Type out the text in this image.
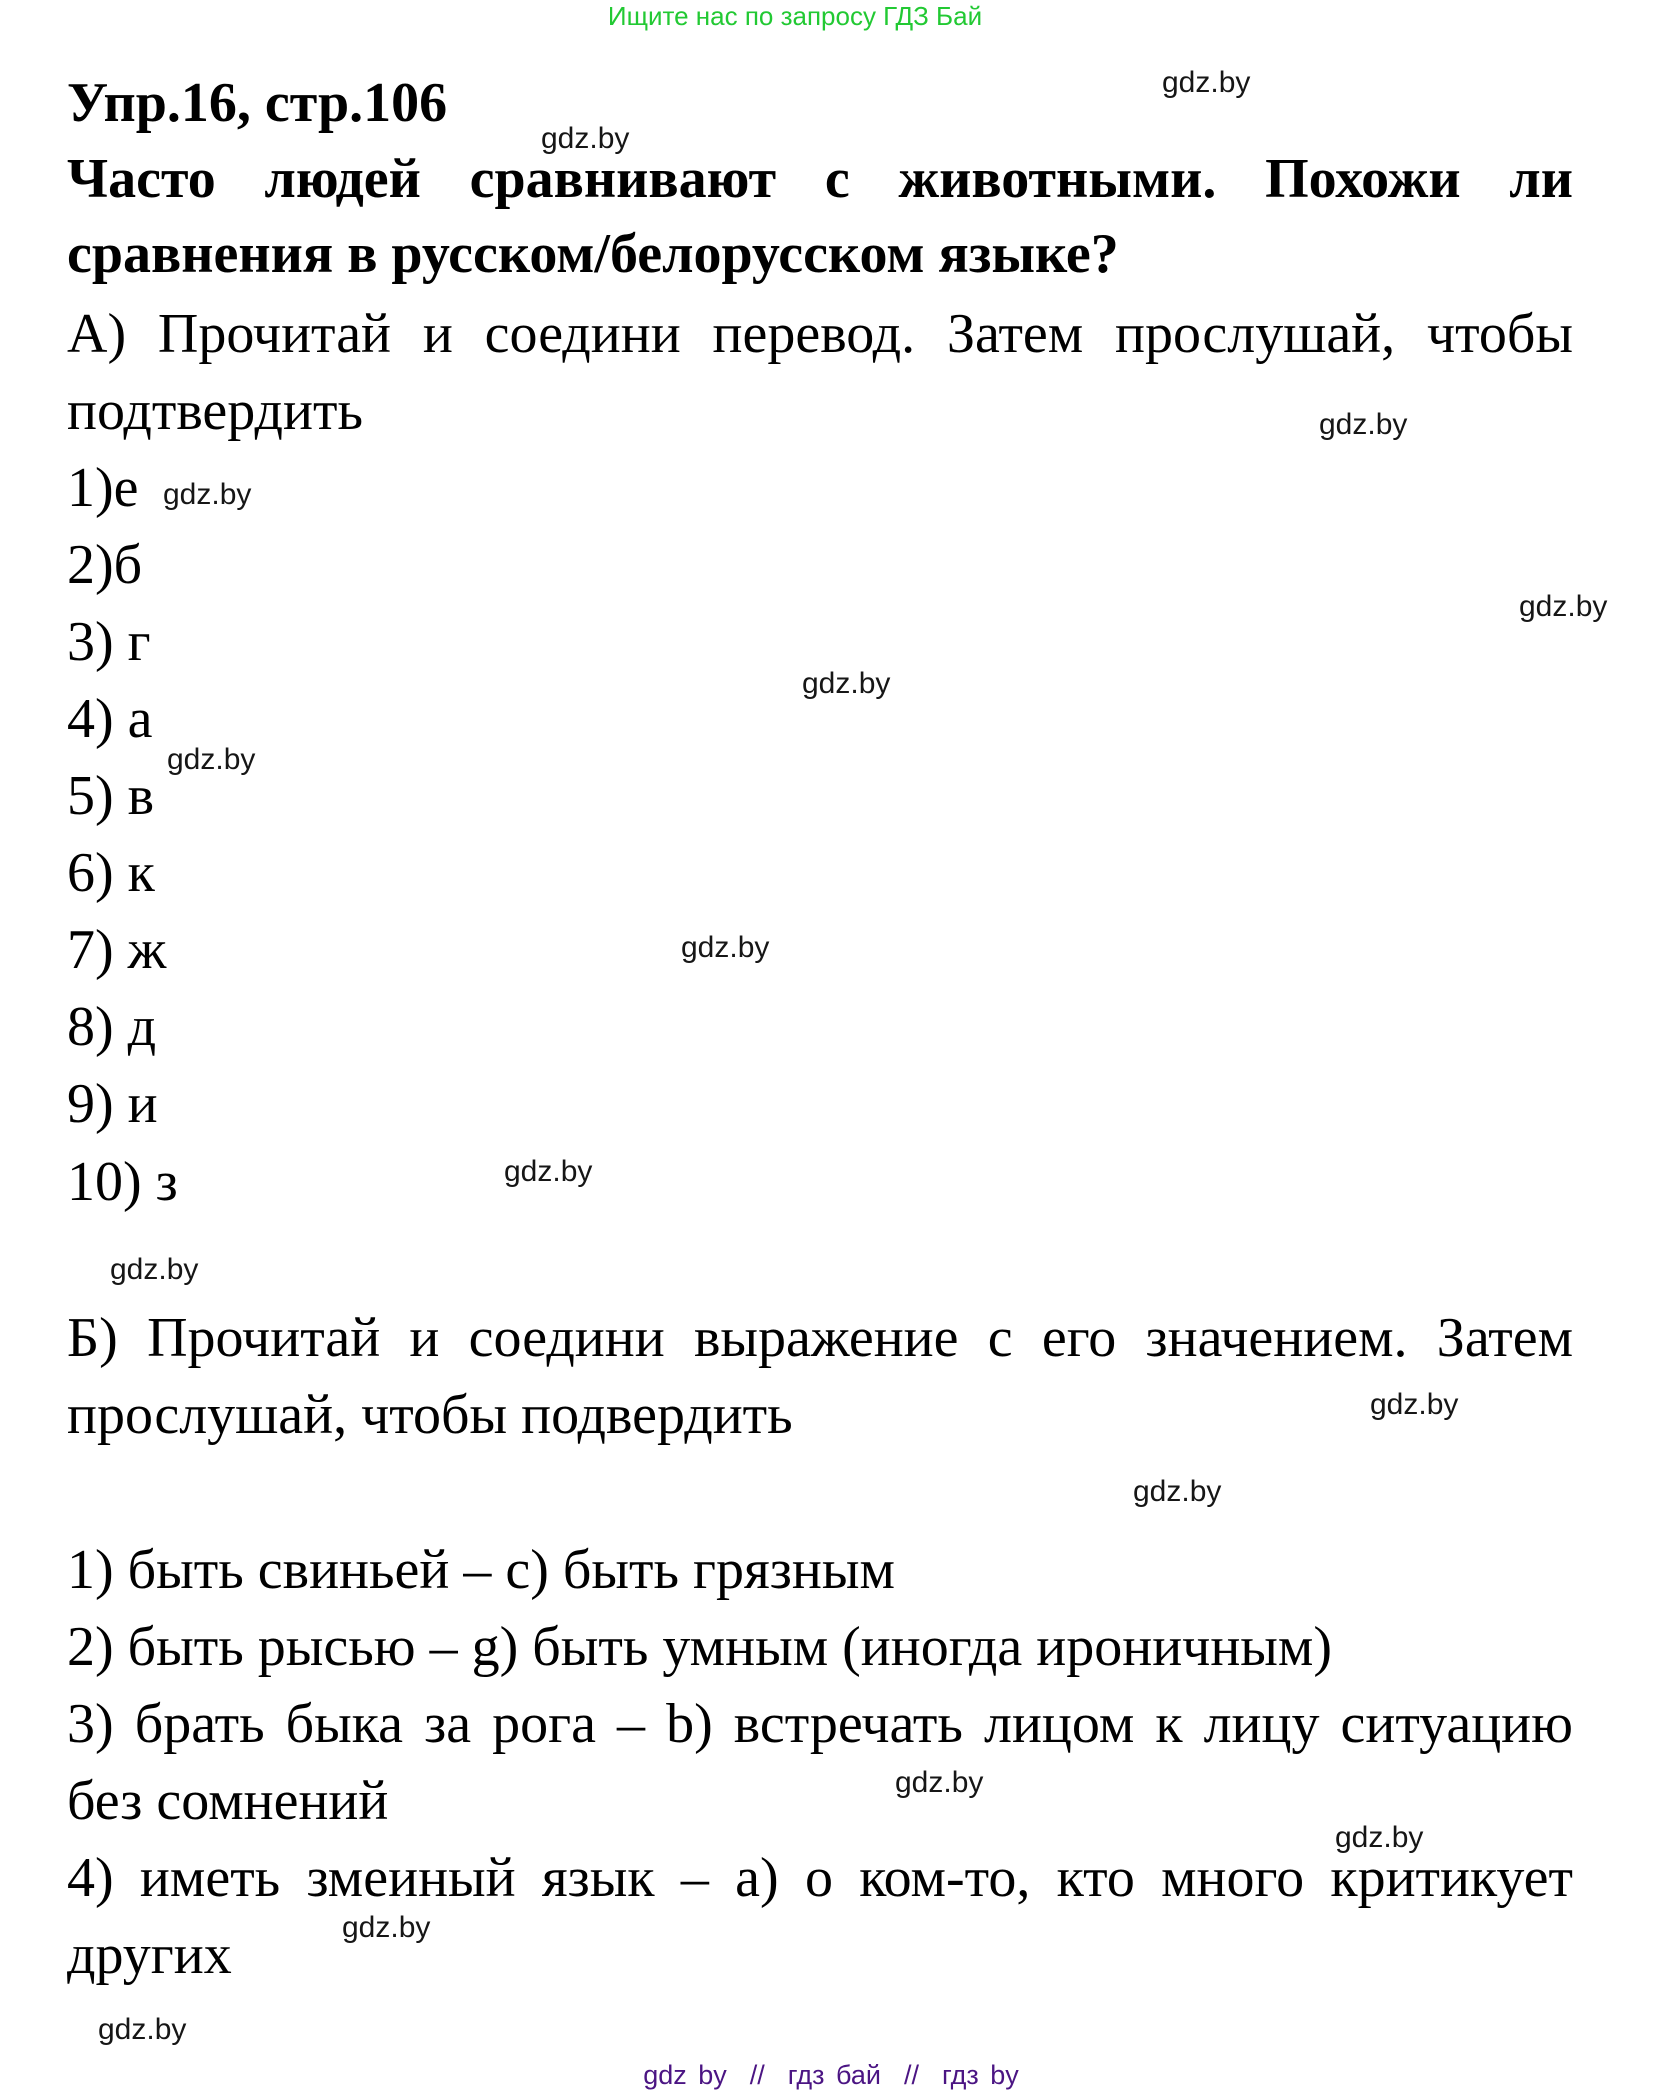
Ищите нас по запросу ГДЗ Бай
Упр.16, стр.106
Часто людей сравнивают с животными. Похожи ли
сравнения в русском/белорусском языке?
А) Прочитай и соедини перевод. Затем прослушай, чтобы
подтвердить
1)е
2)б
3) г
4) а
5) в
6) к
7) ж
8) д
9) и
10) з
Б) Прочитай и соедини выражение с его значением. Затем
прослушай, чтобы подвердить
1) быть свиньей – c) быть грязным
2) быть рысью – g) быть умным (иногда ироничным)
3) брать быка за рога – b) встречать лицом к лицу ситуацию
без сомнений
4) иметь змеиный язык – a) о ком-то, кто много критикует
других
gdz.by
gdz.by
gdz.by
gdz.by
gdz.by
gdz.by
gdz.by
gdz.by
gdz.by
gdz.by
gdz.by
gdz.by
gdz.by
gdz.by
gdz.by
gdz.by
gdz by  //  гдз бай  //  гдз by
